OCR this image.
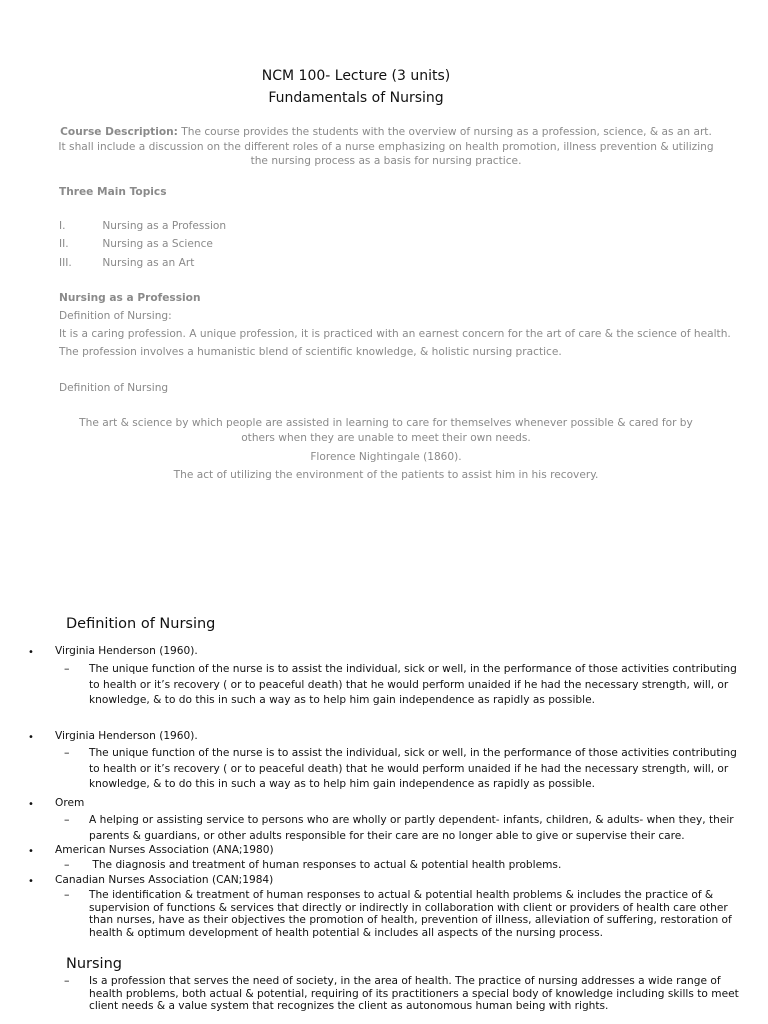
NCM 100- Lecture (3 units)
Fundamentals of Nursing
Course Description: The course provides the students with the overview of nursing as a profession, science, & as an art. It shall include a discussion on the different roles of a nurse emphasizing on health promotion, illness prevention & utilizing the nursing process as a basis for nursing practice.
Three Main Topics
I.	Nursing as a Profession
II.	Nursing as a Science
III.	Nursing as an Art
Nursing as a Profession
Definition of Nursing:
It is a caring profession. A unique profession, it is practiced with an earnest concern for the art of care & the science of health.
The profession involves a humanistic blend of scientific knowledge, & holistic nursing practice.
Definition of Nursing
The art & science by which people are assisted in learning to care for themselves whenever possible & cared for by others when they are unable to meet their own needs.
Florence Nightingale (1860).
The act of utilizing the environment of the patients to assist him in his recovery.
Definition of Nursing
• Virginia Henderson (1960).
– The unique function of the nurse is to assist the individual, sick or well, in the performance of those activities contributing to health or it’s recovery ( or to peaceful death) that he would perform unaided if he had the necessary strength, will, or knowledge, & to do this in such a way as to help him gain independence as rapidly as possible.
• Virginia Henderson (1960).
– The unique function of the nurse is to assist the individual, sick or well, in the performance of those activities contributing to health or it’s recovery ( or to peaceful death) that he would perform unaided if he had the necessary strength, will, or knowledge, & to do this in such a way as to help him gain independence as rapidly as possible.
• Orem
– A helping or assisting service to persons who are wholly or partly dependent- infants, children, & adults- when they, their parents & guardians, or other adults responsible for their care are no longer able to give or supervise their care.
• American Nurses Association (ANA;1980)
– The diagnosis and treatment of human responses to actual & potential health problems.
• Canadian Nurses Association (CAN;1984)
– The identification & treatment of human responses to actual & potential health problems & includes the practice of & supervision of functions & services that directly or indirectly in collaboration with client or providers of health care other than nurses, have as their objectives the promotion of health, prevention of illness, alleviation of suffering, restoration of health & optimum development of health potential & includes all aspects of the nursing process.
Nursing
– Is a profession that serves the need of society, in the area of health. The practice of nursing addresses a wide range of health problems, both actual & potential, requiring of its practitioners a special body of knowledge including skills to meet client needs & a value system that recognizes the client as autonomous human being with rights.
